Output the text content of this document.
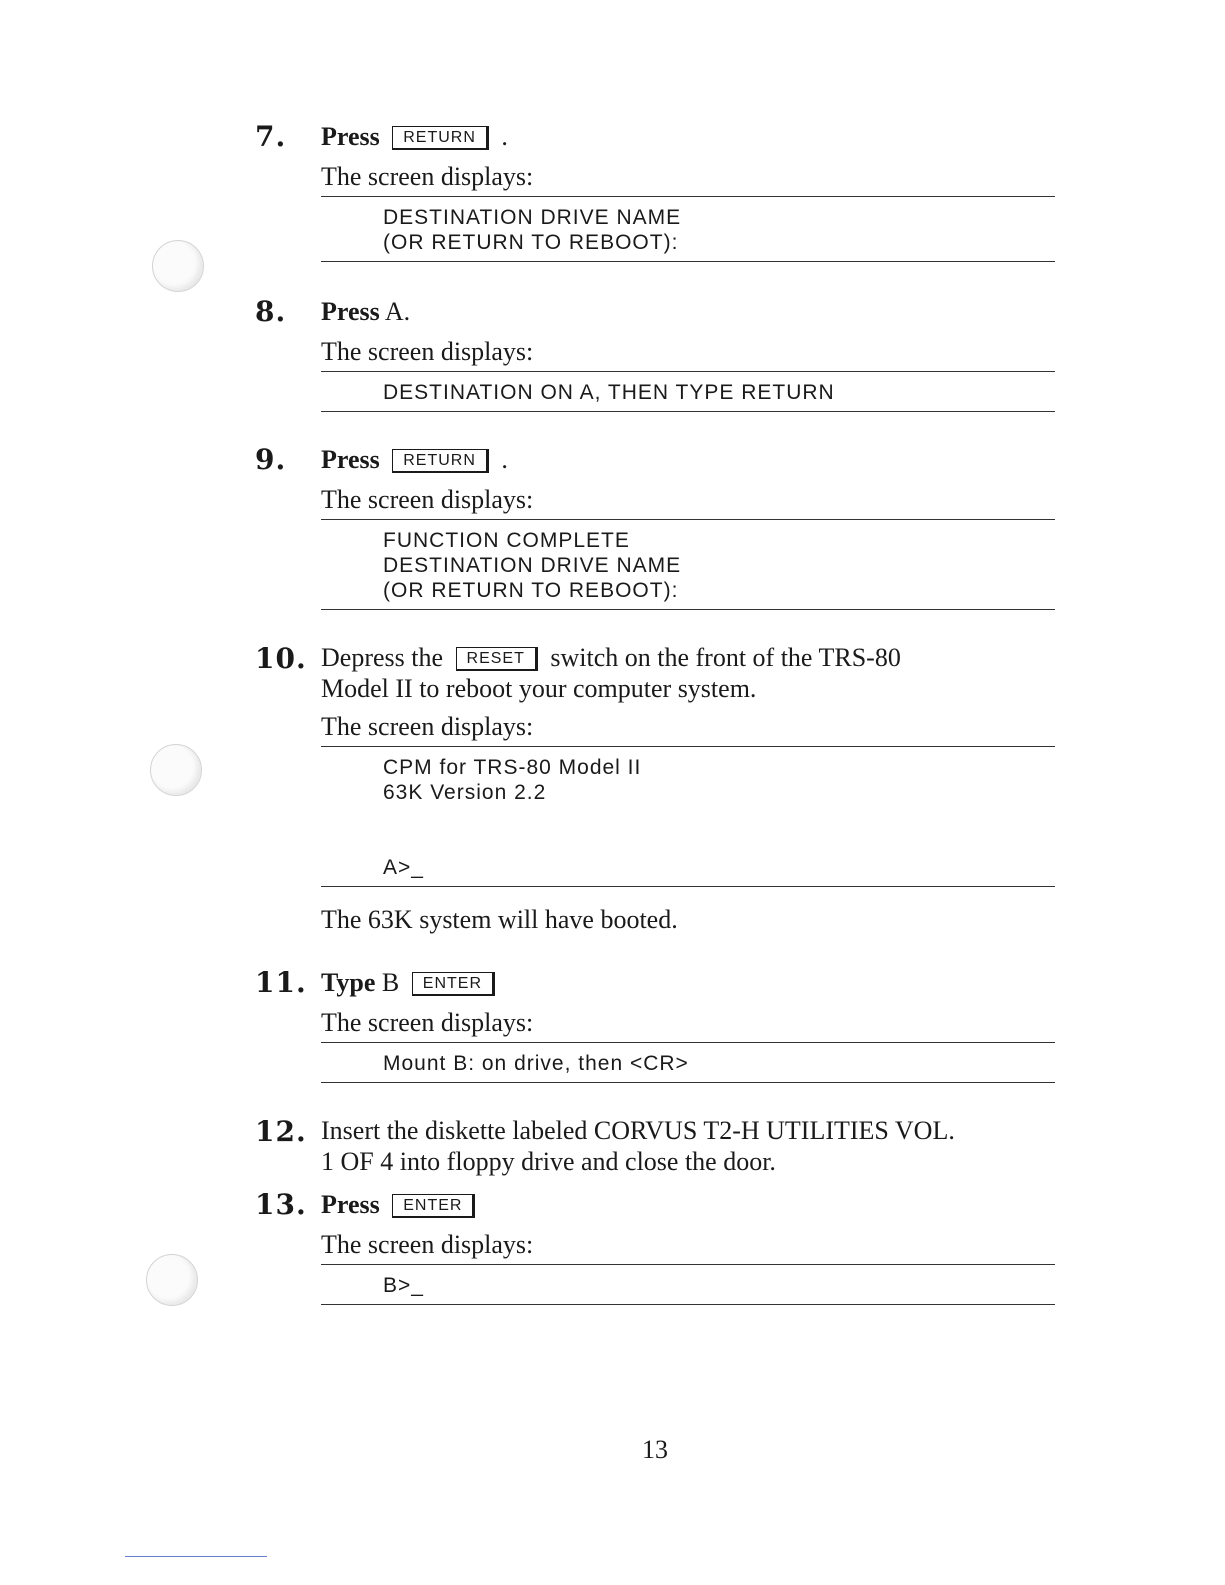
7. Press RETURN .
The screen displays:
DESTINATION DRIVE NAME
(OR RETURN TO REBOOT):
8. Press A.
The screen displays:
DESTINATION ON A, THEN TYPE RETURN
9. Press RETURN .
The screen displays:
FUNCTION COMPLETE
DESTINATION DRIVE NAME
(OR RETURN TO REBOOT):
10. Depress the RESET switch on the front of the TRS-80
Model II to reboot your computer system.
The screen displays:
CPM for TRS-80 Model II
63K Version 2.2

A>_
The 63K system will have booted.
11. Type B ENTER
The screen displays:
Mount B: on drive, then <CR>
12. Insert the diskette labeled CORVUS T2-H UTILITIES VOL.
1 OF 4 into floppy drive and close the door.
13. Press ENTER
The screen displays:
B>_
13
